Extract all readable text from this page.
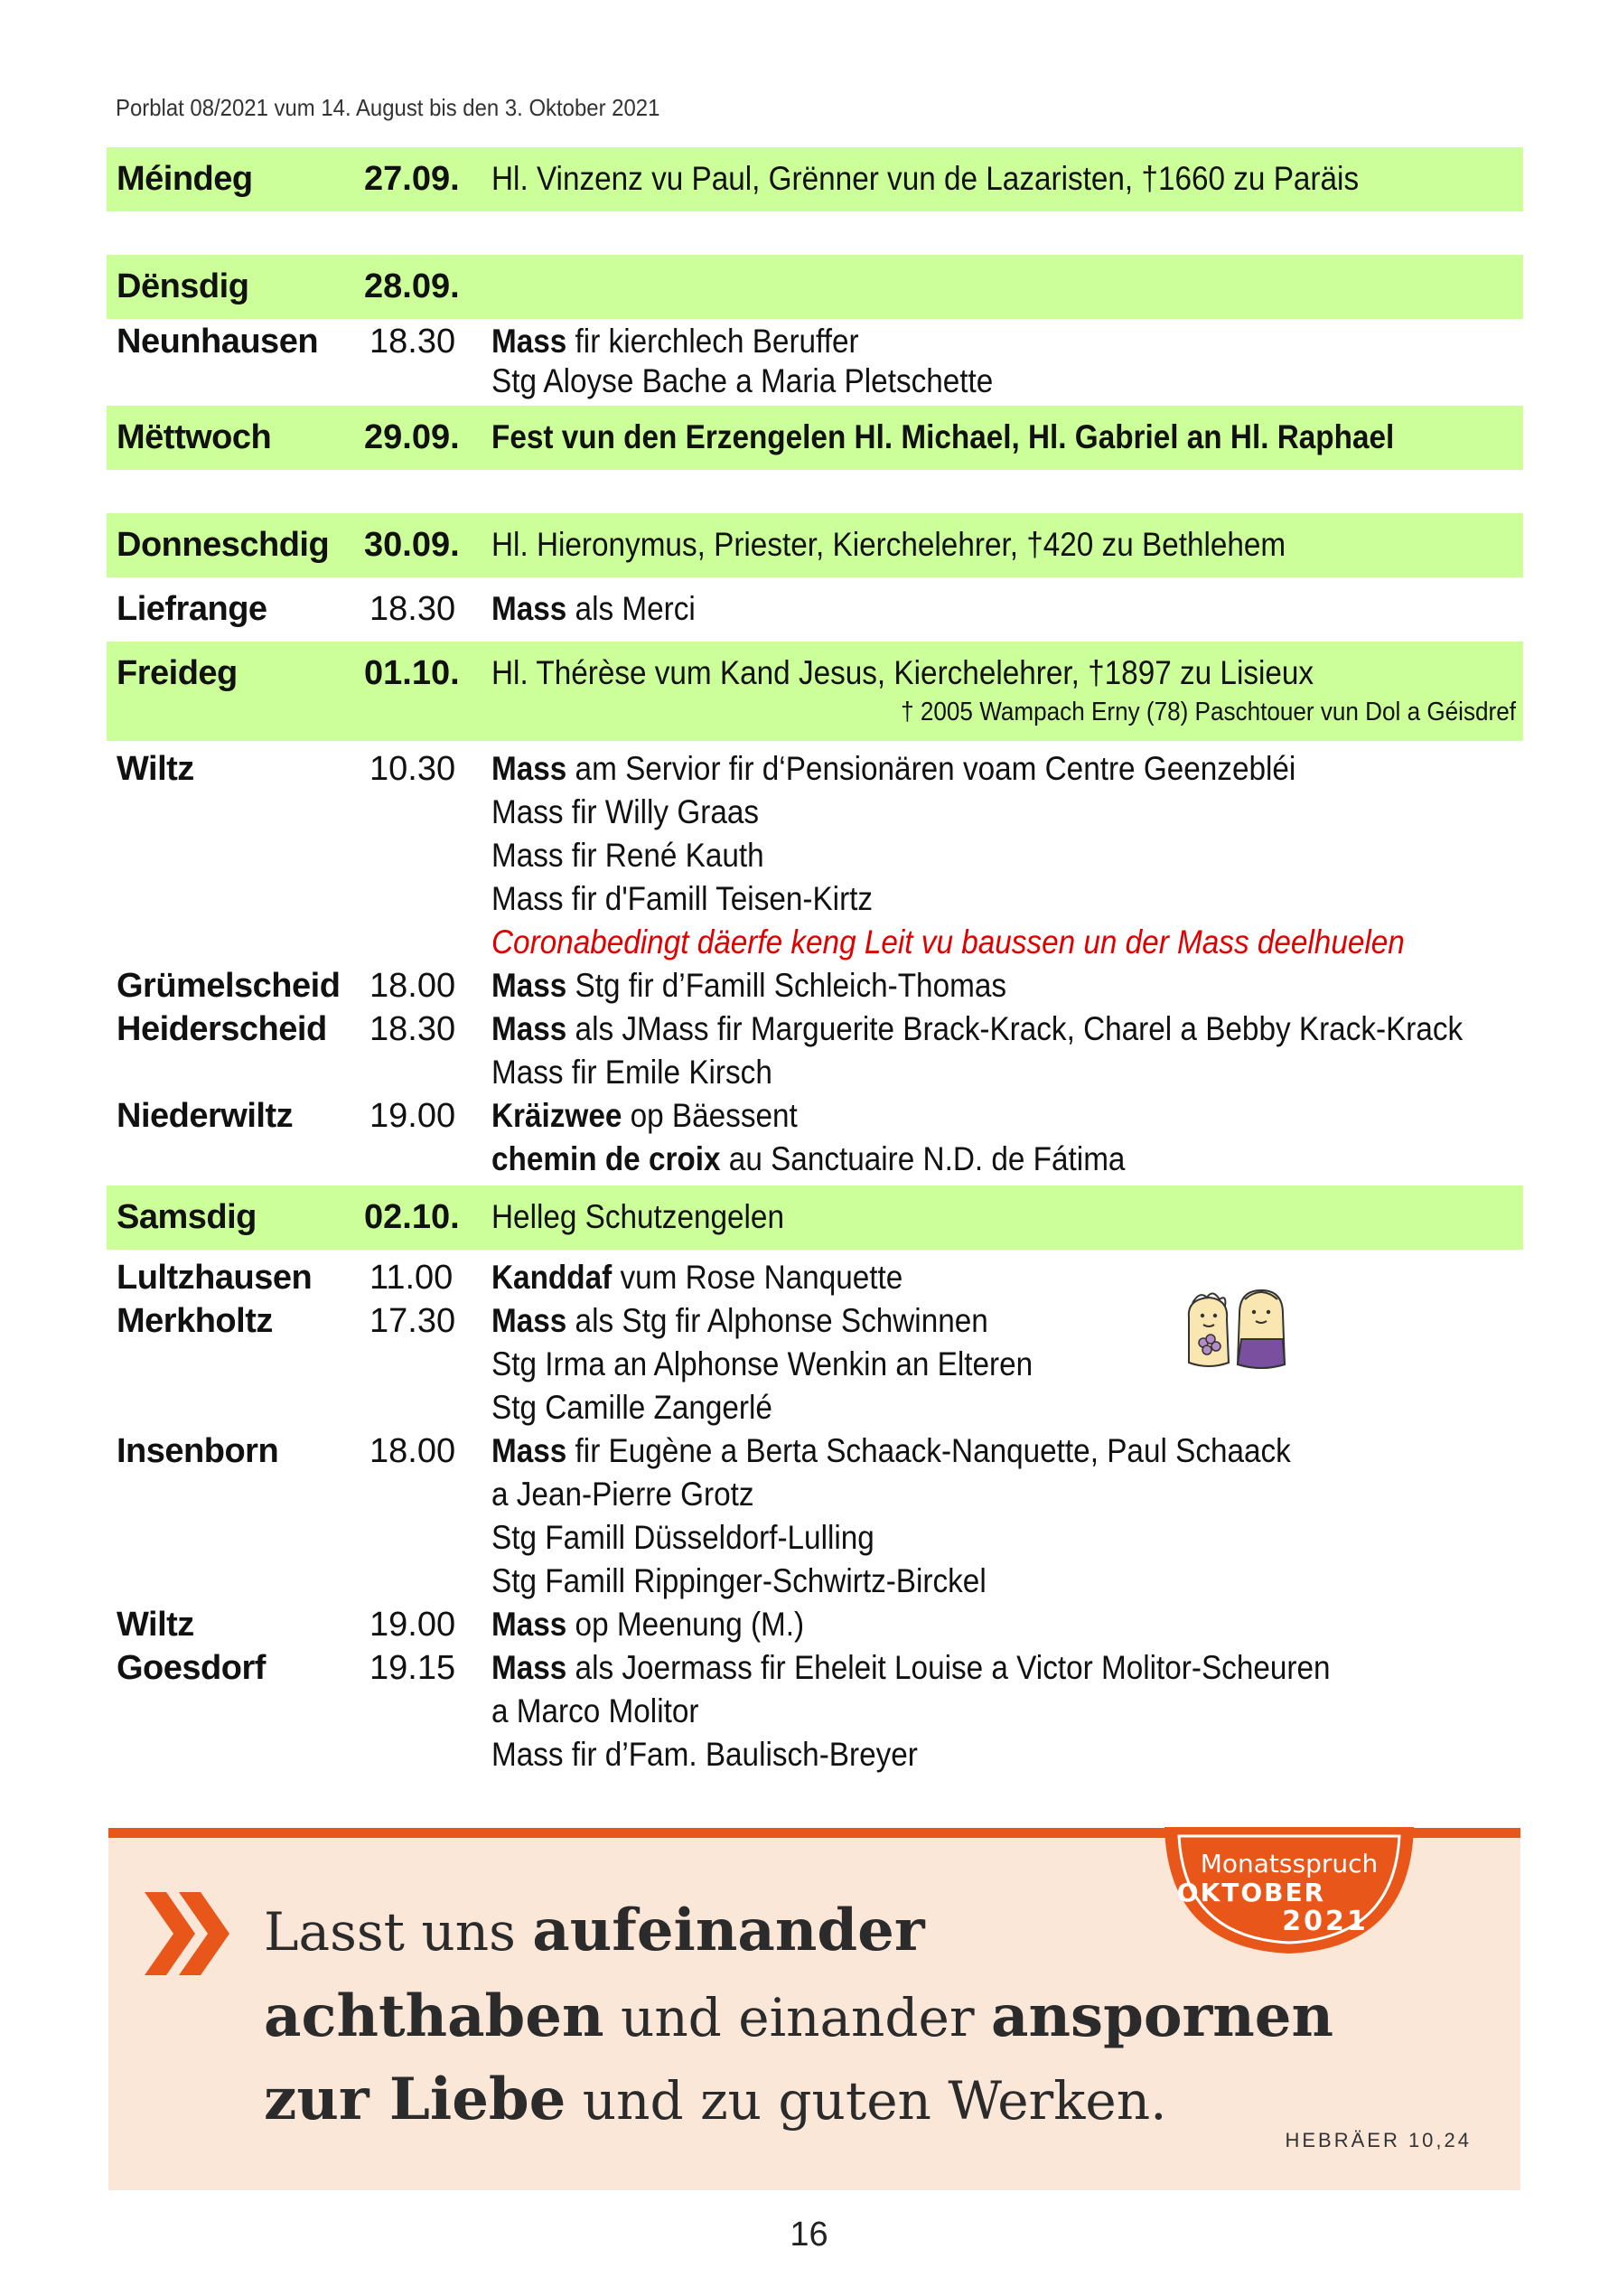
Porblat 08/2021 vum 14. August bis den 3. Oktober 2021
Méindeg	27.09. Hl. Vinzenz vu Paul, Grënner vun de Lazaristen, †1660 zu Paräis
Dënsdig	28.09.
Neunhausen 18.30 Mass fir kierchlech Beruffer
Stg Aloyse Bache a Maria Pletschette
Mëttwoch	29.09. Fest vun den Erzengelen Hl. Michael, Hl. Gabriel an Hl. Raphael
Donneschdig 30.09. Hl. Hieronymus, Priester, Kierchelehrer, †420 zu Bethlehem
Liefrange	18.30 Mass als Merci
Freideg	01.10. Hl. Thérèse vum Kand Jesus, Kierchelehrer, †1897 zu Lisieux
† 2005 Wampach Erny (78) Paschtouer vun Dol a Géisdref
Wiltz	10.30 Mass am Servior fir d‘Pensionären voam Centre Geenzebléi
Mass fir Willy Graas
Mass fir René Kauth
Mass fir d'Famill Teisen-Kirtz
Coronabedingt däerfe keng Leit vu baussen un der Mass deelhuelen
Grümelscheid 18.00 Mass Stg fir d’Famill Schleich-Thomas
Heiderscheid 18.30 Mass als JMass fir Marguerite Brack-Krack, Charel a Bebby Krack-Krack
Mass fir Emile Kirsch
Niederwiltz 19.00 Kräizwee op Bäessent
chemin de croix au Sanctuaire N.D. de Fátima
Samsdig	02.10. Helleg Schutzengelen
Lultzhausen 11.00 Kanddaf vum Rose Nanquette
Merkholtz	17.30 Mass als Stg fir Alphonse Schwinnen
Stg Irma an Alphonse Wenkin an Elteren
Stg Camille Zangerlé
Insenborn	18.00 Mass fir Eugène a Berta Schaack-Nanquette, Paul Schaack
a Jean-Pierre Grotz
Stg Famill Düsseldorf-Lulling
Stg Famill Rippinger-Schwirtz-Birckel
Wiltz	19.00 Mass op Meenung (M.)
Goesdorf	19.15 Mass als Joermass fir Eheleit Louise a Victor Molitor-Scheuren
a Marco Molitor
Mass fir d’Fam. Baulisch-Breyer
Lasst uns aufeinander
achthaben und einander anspornen
zur Liebe und zu guten Werken.
HEBRÄER 10,24
Monatsspruch
OKTOBER
2021
16
